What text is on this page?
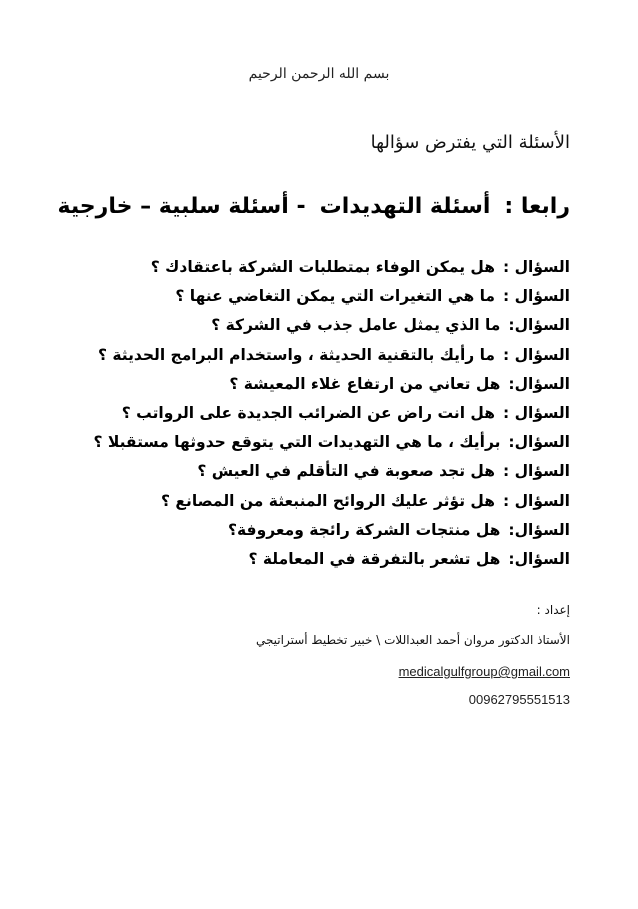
بسم الله الرحمن الرحيم
الأسئلة التي يفترض سؤالها
رابعا :
أسئلة التهديدات
- أسئلة سلبية – خارجية
السؤال :هل يمكن الوفاء بمتطلبات الشركة باعتقادك ؟
السؤال :ما هي التغيرات التي يمكن التغاضي عنها ؟
السؤال:ما الذي يمثل عامل جذب في الشركة ؟
السؤال :ما رأيك بالتقنية الحديثة ، واستخدام البرامج الحديثة ؟
السؤال:هل تعاني من ارتفاع غلاء المعيشة ؟
السؤال :هل انت راض عن الضرائب الجديدة على الرواتب ؟
السؤال:برأيك ، ما هي التهديدات التي يتوقع حدوثها مستقبلا ؟
السؤال :هل تجد صعوبة في التأقلم في العيش ؟
السؤال :هل تؤثر عليك الروائح المنبعثة من المصانع ؟
السؤال:هل منتجات الشركة رائجة ومعروفة؟
السؤال:هل تشعر بالتفرقة في المعاملة ؟
إعداد :
الأستاذ الدكتور مروان أحمد العبداللات \ خبير تخطيط أستراتيجي
medicalgulfgroup@gmail.com
00962795551513
